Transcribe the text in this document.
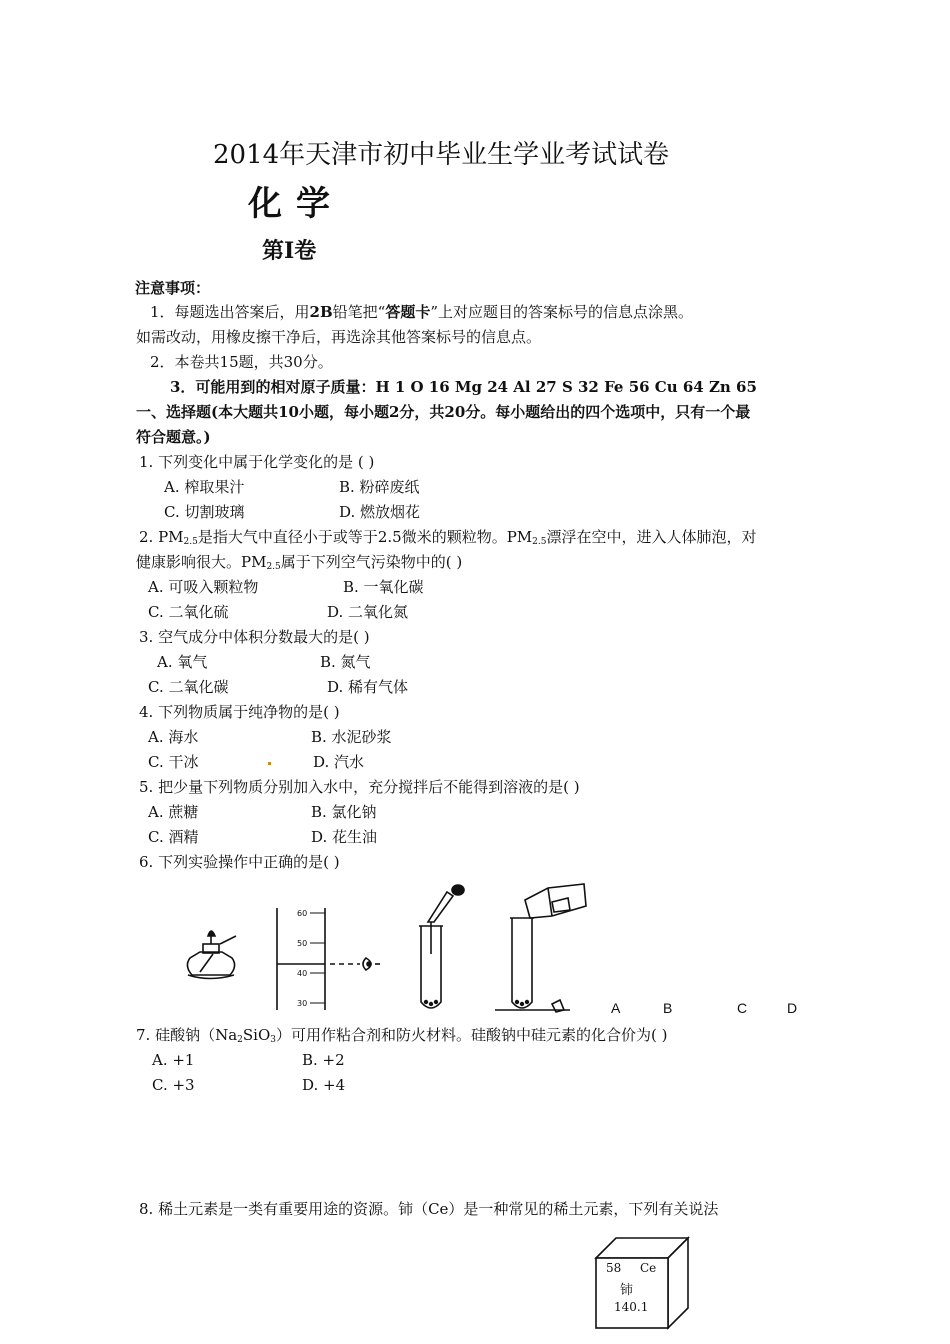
2014年天津市初中毕业生学业考试试卷
化学
第Ⅰ卷
注意事项：
1．每题选出答案后，用2B铅笔把“答题卡”上对应题目的答案标号的信息点涂黑。
如需改动，用橡皮擦干净后，再选涂其他答案标号的信息点。
2．本卷共15题，共30分。
3．可能用到的相对原子质量：H 1 O 16 Mg 24 Al 27 S 32 Fe 56 Cu 64 Zn 65
一、选择题(本大题共10小题，每小题2分，共20分。每小题给出的四个选项中，只有一个最
符合题意。)
1. 下列变化中属于化学变化的是 ( )
A. 榨取果汁	B. 粉碎废纸
C. 切割玻璃	D. 燃放烟花
2. $PM_{2.5}$是指大气中直径小于或等于2.5微米的颗粒物。$PM_{2.5}$漂浮在空中，进入人体肺泡，对
健康影响很大。$PM_{2.5}$属于下列空气污染物中的( )
A. 可吸入颗粒物	B. 一氧化碳
C. 二氧化硫	D. 二氧化氮
3. 空气成分中体积分数最大的是( )
A. 氧气	B. 氮气
C. 二氧化碳	D. 稀有气体
4. 下列物质属于纯净物的是( )
A. 海水	B. 水泥砂浆
C. 干冰	D. 汽水
5. 把少量下列物质分别加入水中，充分搅拌后不能得到溶液的是( )
A. 蔗糖	B. 氯化钠
C. 酒精	D. 花生油
6. 下列实验操作中正确的是( )
60
50
40
30	A	B	C	D
7. 硅酸钠$(Na_2SiO_3)$可用作粘合剂和防火材料。硅酸钠中硅元素的化合价为( )
A. +1	B. +2
C. +3	D. +4
8. 稀土元素是一类有重要用途的资源。铈（Ce）是一种常见的稀土元素，下列有关说法
58 Ce
铈
140.1
